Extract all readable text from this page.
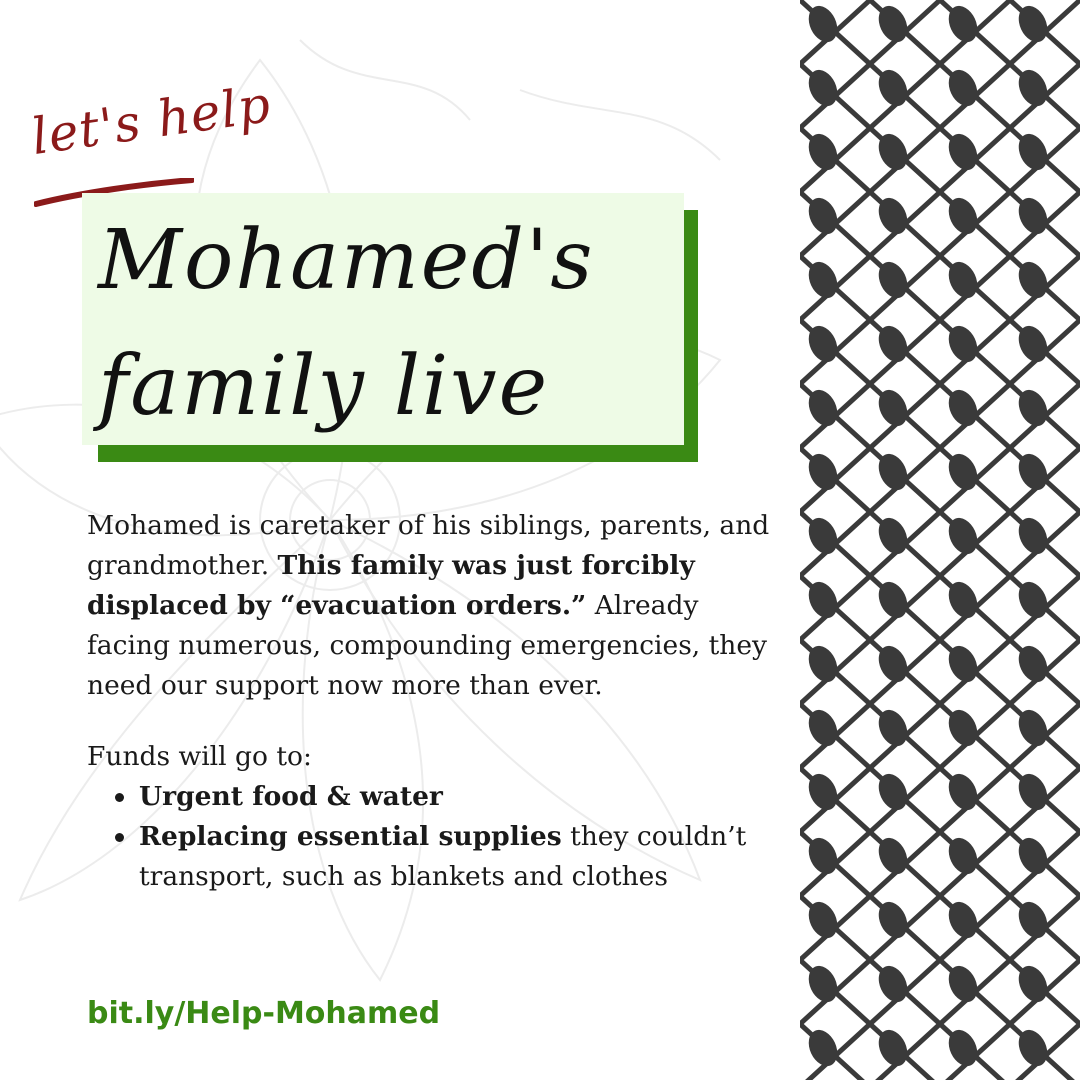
let's help
Mohamed's
family live

Mohamed is caretaker of his siblings, parents, and grandmother. This family was just forcibly displaced by “evacuation orders.” Already facing numerous, compounding emergencies, they need our support now more than ever.

Funds will go to:

Urgent food & water
Replacing essential supplies they couldn’t transport, such as blankets and clothes
bit.ly/Help-Mohamed
